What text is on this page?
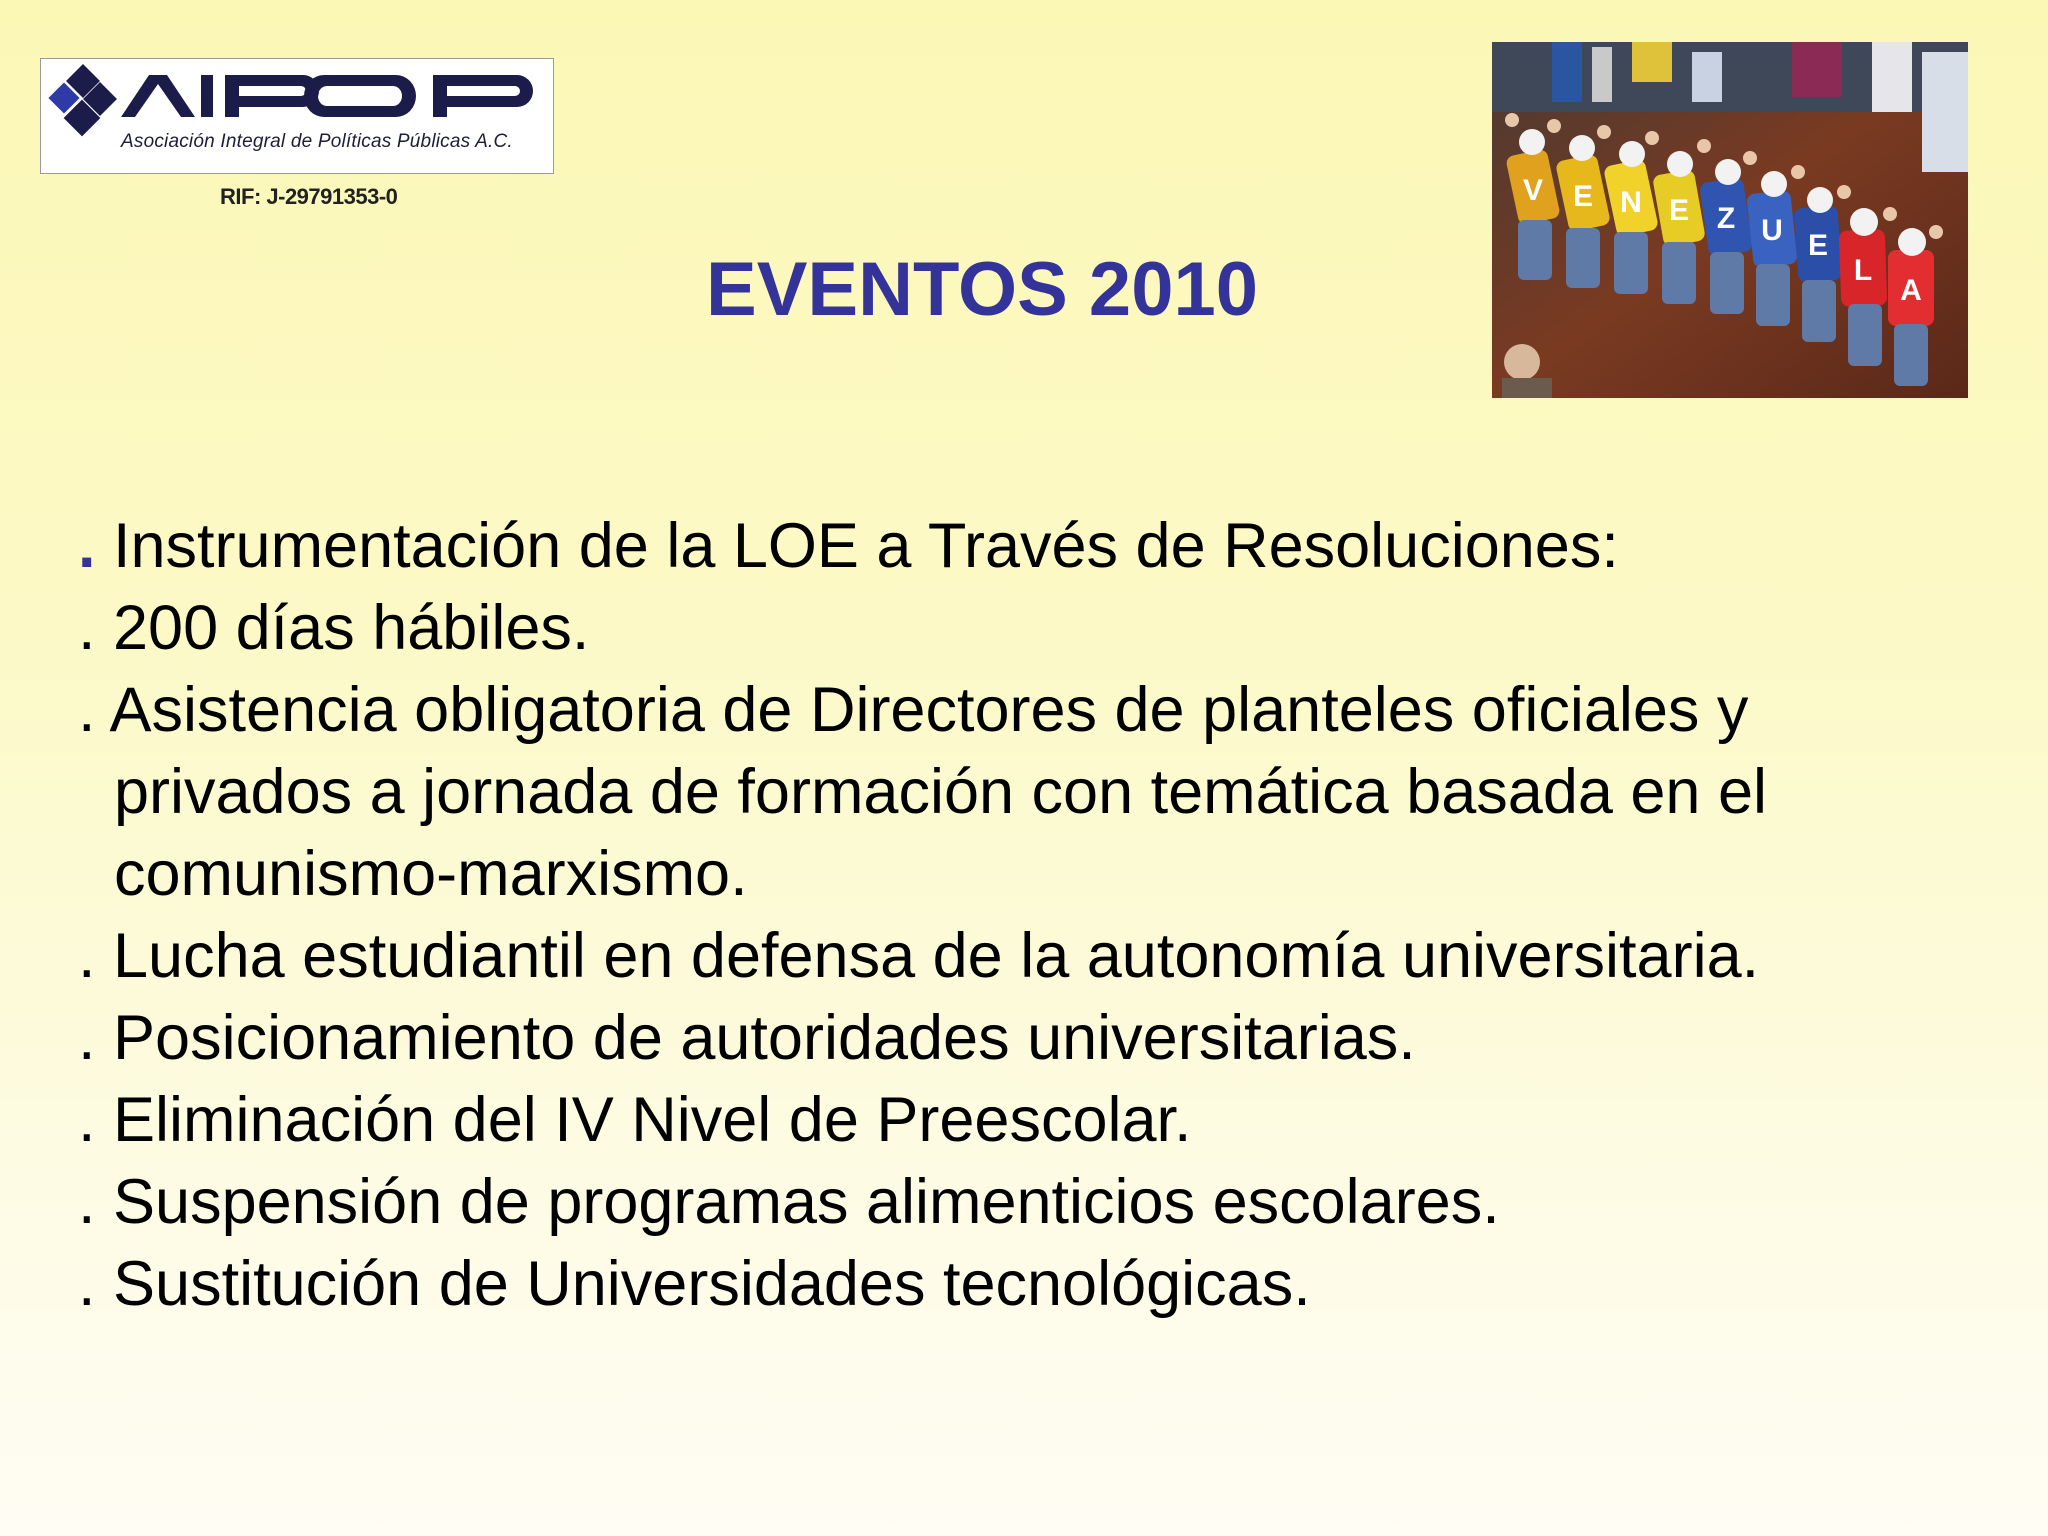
Asociación Integral de Políticas Públicas A.C.
RIF: J-29791353-0
EVENTOS 2010
V E N E Z U E
L
A
. Instrumentación de la LOE a Través de Resoluciones:
. 200 días hábiles.
. Asistencia obligatoria de Directores de planteles oficiales y
privados a jornada de formación con temática basada en el
comunismo-marxismo.
. Lucha estudiantil en defensa de la autonomía universitaria.
. Posicionamiento de autoridades universitarias.
. Eliminación del IV Nivel de Preescolar.
. Suspensión de programas alimenticios escolares.
. Sustitución de Universidades tecnológicas.
